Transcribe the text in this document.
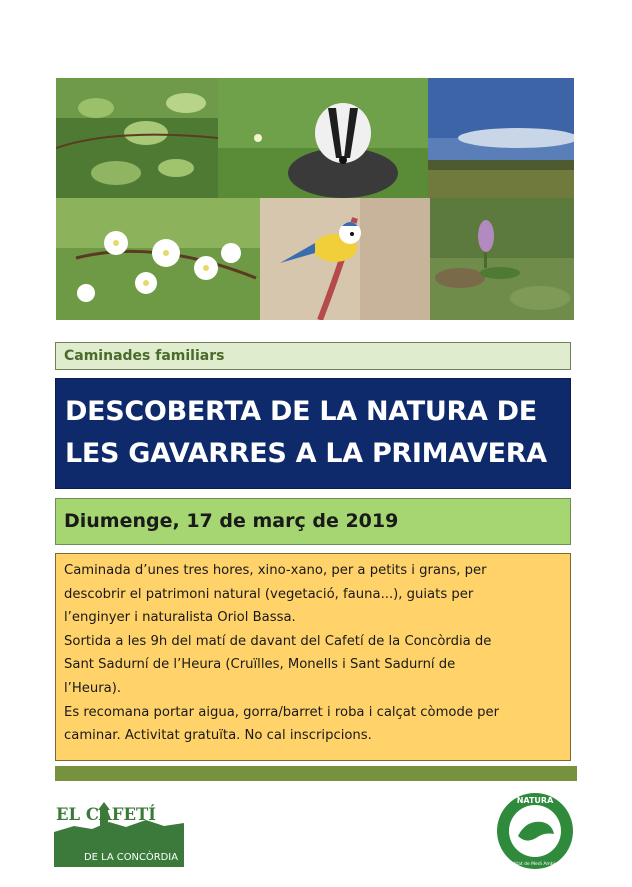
Caminades familiars
DESCOBERTA DE LA NATURA DE
LES GAVARRES A LA PRIMAVERA
Diumenge, 17 de març de 2019

Caminada d’unes tres hores, xino-xano, per a petits i grans, per

descobrir el patrimoni natural (vegetació, fauna...), guiats per

l’enginyer i naturalista Oriol Bassa.

Sortida a les 9h del matí de davant del Cafetí de la Concòrdia de

Sant Sadurní de l’Heura (Cruïlles, Monells i Sant Sadurní de

l’Heura).

Es recomana portar aigua, gorra/barret i roba i calçat còmode per

caminar. Activitat gratuïta. No cal inscripcions.

EL CAFETÍ
DE LA CONCÒRDIA
NATURA
Entitat de Medi Ambient
